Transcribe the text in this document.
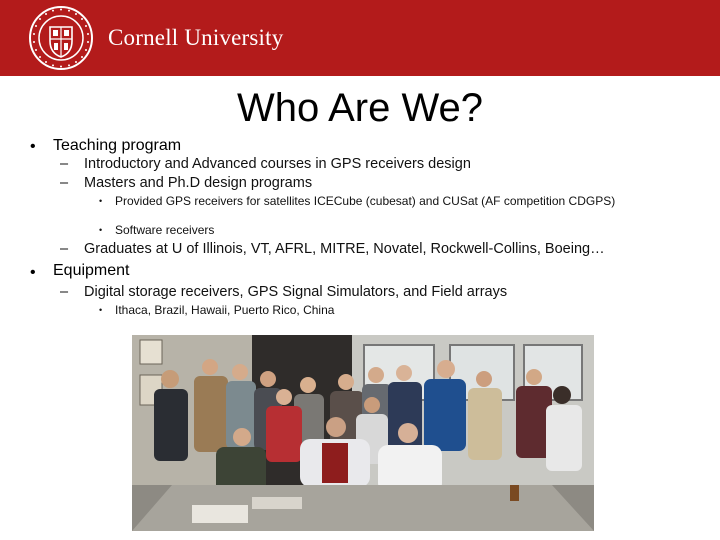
Cornell University
Who Are We?
• Teaching program
– Introductory and Advanced courses in GPS receivers design
– Masters and Ph.D design programs
• Provided GPS receivers for satellites ICECube (cubesat) and CUSat (AF competition CDGPS)
• Software receivers
– Graduates at U of Illinois, VT, AFRL, MITRE, Novatel, Rockwell-Collins, Boeing…
• Equipment
– Digital storage receivers, GPS Signal Simulators, and Field arrays
• Ithaca, Brazil, Hawaii, Puerto Rico, China
